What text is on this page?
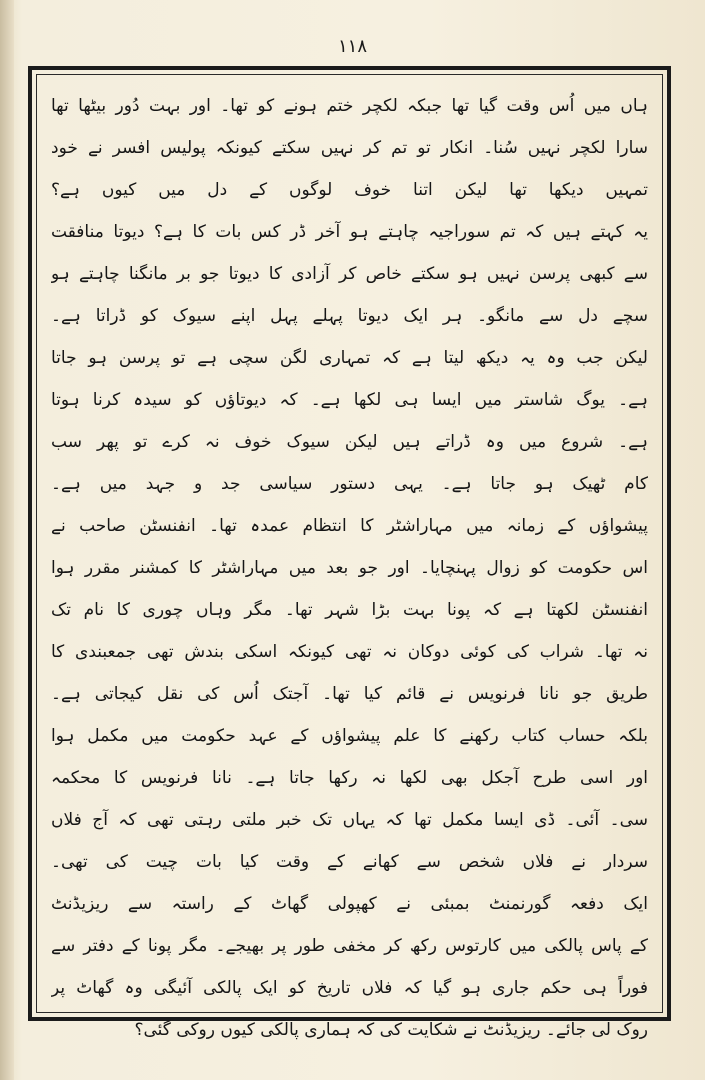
۱۱۸
ہاں میں اُس وقت گیا تھا جبکہ لکچر ختم ہونے کو تھا۔ اور بہت دُور بیٹھا تھا
سارا لکچر نہیں سُنا۔ انکار تو تم کر نہیں سکتے کیونکہ پولیس افسر نے خود
تمہیں دیکھا تھا لیکن اتنا خوف لوگوں کے دل میں کیوں ہے؟
یہ کہتے ہیں کہ تم سوراجیہ چاہتے ہو آخر ڈر کس بات کا ہے؟ دیوتا منافقت
سے کبھی پرسن نہیں ہو سکتے خاص کر آزادی کا دیوتا جو بر مانگنا چاہتے ہو
سچے دل سے مانگو۔ ہر ایک دیوتا پہلے پہل اپنے سیوک کو ڈراتا ہے۔
لیکن جب وہ یہ دیکھ لیتا ہے کہ تمہاری لگن سچی ہے تو پرسن ہو جاتا
ہے۔ یوگ شاستر میں ایسا ہی لکھا ہے۔ کہ دیوتاؤں کو سیدہ کرنا ہوتا
ہے۔ شروع میں وہ ڈراتے ہیں لیکن سیوک خوف نہ کرے تو پھر سب
کام ٹھیک ہو جاتا ہے۔ یہی دستور سیاسی جد و جہد میں ہے۔
پیشواؤں کے زمانہ میں مہاراشٹر کا انتظام عمدہ تھا۔ انفنسٹن صاحب نے
اس حکومت کو زوال پہنچایا۔ اور جو بعد میں مہاراشٹر کا کمشنر مقرر ہوا
انفنسٹن لکھتا ہے کہ پونا بہت بڑا شہر تھا۔ مگر وہاں چوری کا نام تک
نہ تھا۔ شراب کی کوئی دوکان نہ تھی کیونکہ اسکی بندش تھی جمعبندی کا
طریق جو نانا فرنویس نے قائم کیا تھا۔ آجتک اُس کی نقل کیجاتی ہے۔
بلکہ حساب کتاب رکھنے کا علم پیشواؤں کے عہد حکومت میں مکمل ہوا
اور اسی طرح آجکل بھی لکھا نہ رکھا جاتا ہے۔ نانا فرنویس کا محکمہ
سی۔ آئی۔ ڈی ایسا مکمل تھا کہ یہاں تک خبر ملتی رہتی تھی کہ آج فلاں
سردار نے فلاں شخص سے کھانے کے وقت کیا بات چیت کی تھی۔
ایک دفعہ گورنمنٹ بمبئی نے کھپولی گھاٹ کے راستہ سے ریزیڈنٹ
کے پاس پالکی میں کارتوس رکھ کر مخفی طور پر بھیجے۔ مگر پونا کے دفتر سے
فوراً ہی حکم جاری ہو گیا کہ فلاں تاریخ کو ایک پالکی آئیگی وہ گھاٹ پر
روک لی جائے۔ ریزیڈنٹ نے شکایت کی کہ ہماری پالکی کیوں روکی گئی؟
